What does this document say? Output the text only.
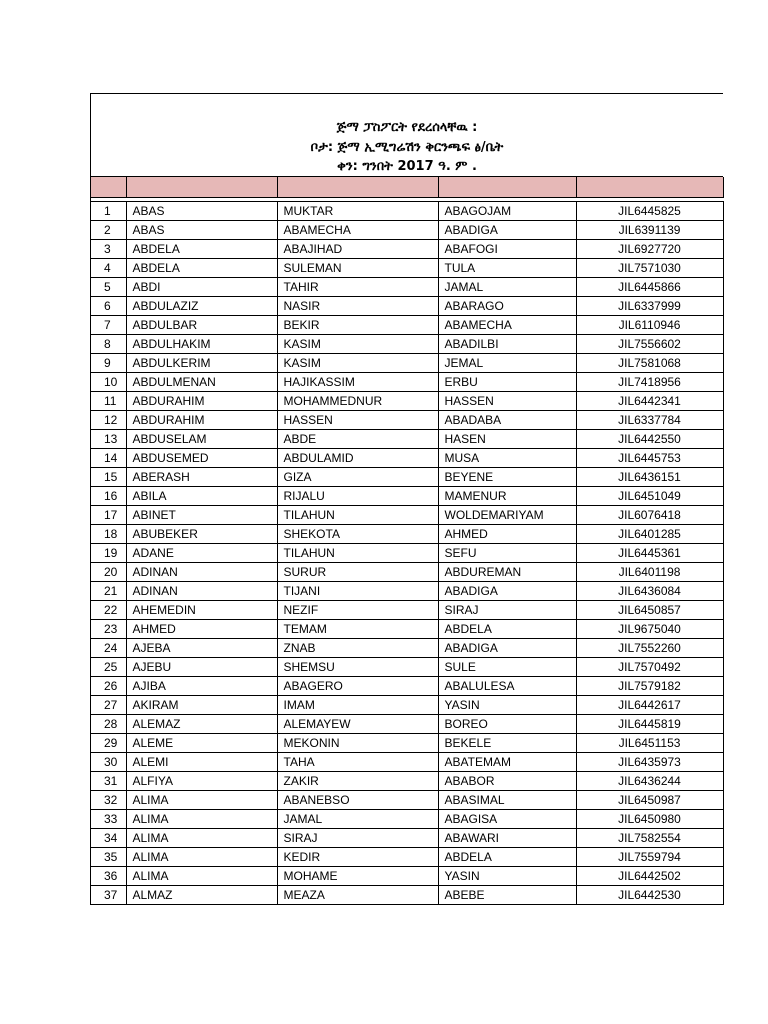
ጅማ ፓስፖርት የደረሰላቸዉ :
ቦታ: ጅማ ኢሚግሬሽን ቅርንጫፍ ፅ/ቤት
ቀን: ግንበት 2017 ዓ. ም .

1	ABAS	MUKTAR	ABAGOJAM	JIL6445825
2	ABAS	ABAMECHA	ABADIGA	JIL6391139
3	ABDELA	ABAJIHAD	ABAFOGI	JIL6927720
4	ABDELA	SULEMAN	TULA	JIL7571030
5	ABDI	TAHIR	JAMAL	JIL6445866
6	ABDULAZIZ	NASIR	ABARAGO	JIL6337999
7	ABDULBAR	BEKIR	ABAMECHA	JIL6110946
8	ABDULHAKIM	KASIM	ABADILBI	JIL7556602
9	ABDULKERIM	KASIM	JEMAL	JIL7581068
10	ABDULMENAN	HAJIKASSIM	ERBU	JIL7418956
11	ABDURAHIM	MOHAMMEDNUR	HASSEN	JIL6442341
12	ABDURAHIM	HASSEN	ABADABA	JIL6337784
13	ABDUSELAM	ABDE	HASEN	JIL6442550
14	ABDUSEMED	ABDULAMID	MUSA	JIL6445753
15	ABERASH	GIZA	BEYENE	JIL6436151
16	ABILA	RIJALU	MAMENUR	JIL6451049
17	ABINET	TILAHUN	WOLDEMARIYAM	JIL6076418
18	ABUBEKER	SHEKOTA	AHMED	JIL6401285
19	ADANE	TILAHUN	SEFU	JIL6445361
20	ADINAN	SURUR	ABDUREMAN	JIL6401198
21	ADINAN	TIJANI	ABADIGA	JIL6436084
22	AHEMEDIN	NEZIF	SIRAJ	JIL6450857
23	AHMED	TEMAM	ABDELA	JIL9675040
24	AJEBA	ZNAB	ABADIGA	JIL7552260
25	AJEBU	SHEMSU	SULE	JIL7570492
26	AJIBA	ABAGERO	ABALULESA	JIL7579182
27	AKIRAM	IMAM	YASIN	JIL6442617
28	ALEMAZ	ALEMAYEW	BOREO	JIL6445819
29	ALEME	MEKONIN	BEKELE	JIL6451153
30	ALEMI	TAHA	ABATEMAM	JIL6435973
31	ALFIYA	ZAKIR	ABABOR	JIL6436244
32	ALIMA	ABANEBSO	ABASIMAL	JIL6450987
33	ALIMA	JAMAL	ABAGISA	JIL6450980
34	ALIMA	SIRAJ	ABAWARI	JIL7582554
35	ALIMA	KEDIR	ABDELA	JIL7559794
36	ALIMA	MOHAME	YASIN	JIL6442502
37	ALMAZ	MEAZA	ABEBE	JIL6442530
